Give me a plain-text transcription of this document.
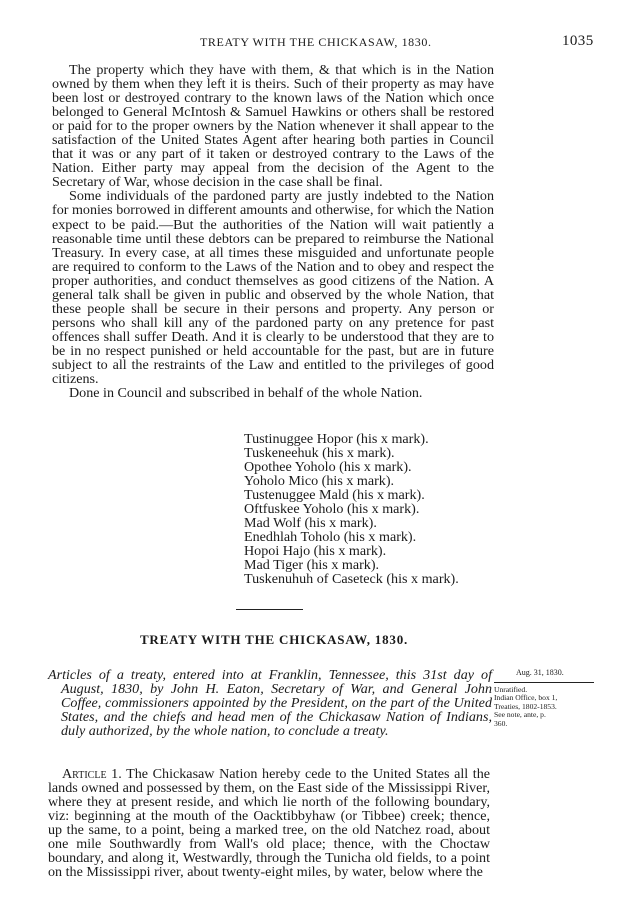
TREATY WITH THE CHICKASAW, 1830.	1035

The property which they have with them, & that which is in the Nation owned by them when they left it is theirs. Such of their property as may have been lost or destroyed contrary to the known laws of the Nation which once belonged to General McIntosh & Samuel Hawkins or others shall be restored or paid for to the proper owners by the Nation whenever it shall appear to the satisfaction of the United States Agent after hearing both parties in Council that it was or any part of it taken or destroyed contrary to the Laws of the Nation. Either party may appeal from the decision of the Agent to the Secretary of War, whose decision in the case shall be final.

Some individuals of the pardoned party are justly indebted to the Nation for monies borrowed in different amounts and otherwise, for which the Nation expect to be paid.—But the authorities of the Nation will wait patiently a reasonable time until these debtors can be prepared to reimburse the National Treasury. In every case, at all times these misguided and unfortunate people are required to conform to the Laws of the Nation and to obey and respect the proper authorities, and conduct themselves as good citizens of the Nation. A general talk shall be given in public and observed by the whole Nation, that these people shall be secure in their persons and property. Any person or persons who shall kill any of the pardoned party on any pretence for past offences shall suffer Death. And it is clearly to be understood that they are to be in no respect punished or held accountable for the past, but are in future subject to all the restraints of the Law and entitled to the privileges of good citizens.

Done in Council and subscribed in behalf of the whole Nation.

Tustinuggee Hopor (his x mark).
Tuskeneehuk (his x mark).
Opothee Yoholo (his x mark).
Yoholo Mico (his x mark).
Tustenuggee Mald (his x mark).
Oftfuskee Yoholo (his x mark).
Mad Wolf (his x mark).
Enedhlah Toholo (his x mark).
Hopoi Hajo (his x mark).
Mad Tiger (his x mark).
Tuskenuhuh of Caseteck (his x mark).
TREATY WITH THE CHICKASAW, 1830.

Articles of a treaty, entered into at Franklin, Tennessee, this 31st day of August, 1830, by John H. Eaton, Secretary of War, and General John Coffee, commissioners appointed by the President, on the part of the United States, and the chiefs and head men of the Chickasaw Nation of Indians, duly authorized, by the whole nation, to conclude a treaty.

Aug. 31, 1830.
Unratified.
Indian Office, box 1,
Treaties, 1802-1853.
See note, ante, p.
360.

Article 1. The Chickasaw Nation hereby cede to the United States all the lands owned and possessed by them, on the East side of the Mississippi River, where they at present reside, and which lie north of the following boundary, viz: beginning at the mouth of the Oacktibbyhaw (or Tibbee) creek; thence, up the same, to a point, being a marked tree, on the old Natchez road, about one mile Southwardly from Wall's old place; thence, with the Choctaw boundary, and along it, Westwardly, through the Tunicha old fields, to a point on the Mississippi river, about twenty-eight miles, by water, below where the
